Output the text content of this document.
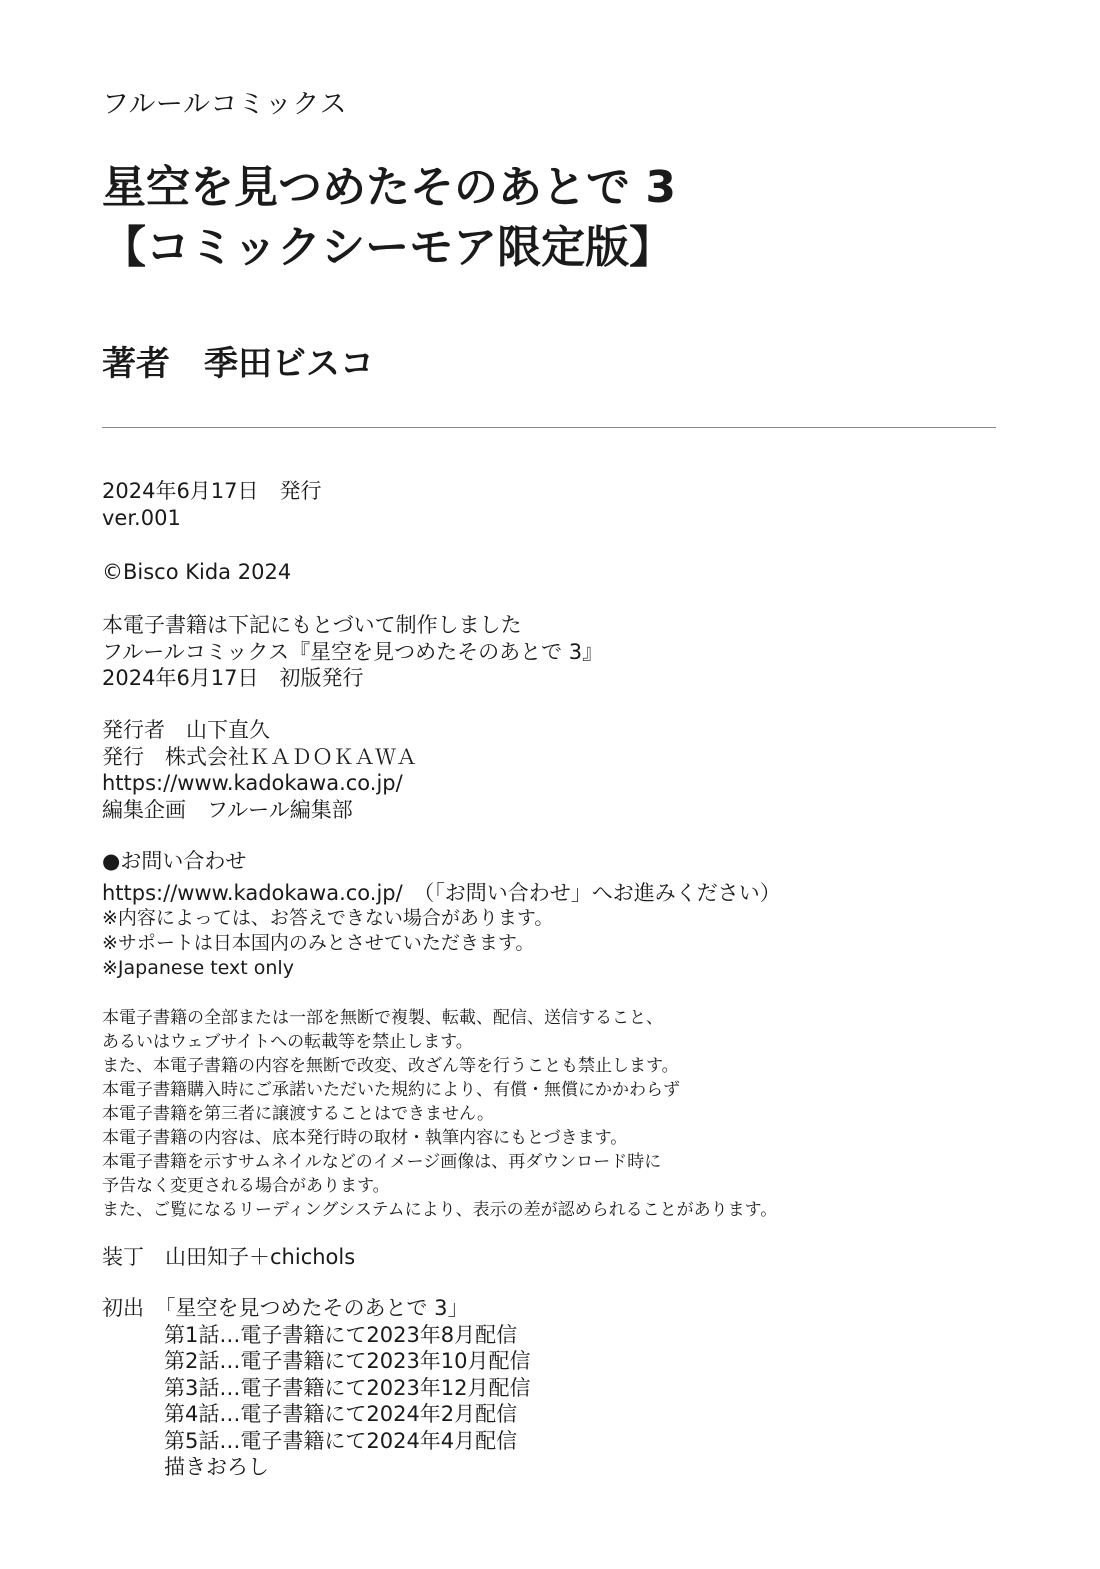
フルールコミックス
星空を見つめたそのあとで 3
【コミックシーモア限定版】
著者 季田ビスコ
2024年6月17日　発行
ver.001
©Bisco Kida 2024
本電子書籍は下記にもとづいて制作しました
フルールコミックス『星空を見つめたそのあとで 3』
2024年6月17日　初版発行
発行者　山下直久
発行　株式会社ＫＡＤＯＫＡＷＡ
https://www.kadokawa.co.jp/
編集企画　フルール編集部
●お問い合わせ
https://www.kadokawa.co.jp/　（「お問い合わせ」へお進みください）
※内容によっては、お答えできない場合があります。
※サポートは日本国内のみとさせていただきます。
※Japanese text only
本電子書籍の全部または一部を無断で複製、転載、配信、送信すること、
あるいはウェブサイトへの転載等を禁止します。
また、本電子書籍の内容を無断で改変、改ざん等を行うことも禁止します。
本電子書籍購入時にご承諾いただいた規約により、有償・無償にかかわらず
本電子書籍を第三者に譲渡することはできません。
本電子書籍の内容は、底本発行時の取材・執筆内容にもとづきます。
本電子書籍を示すサムネイルなどのイメージ画像は、再ダウンロード時に
予告なく変更される場合があります。
また、ご覧になるリーディングシステムにより、表示の差が認められることがあります。
装丁　山田知子＋chichols
初出　「星空を見つめたそのあとで 3」
第1話…電子書籍にて2023年8月配信
第2話…電子書籍にて2023年10月配信
第3話…電子書籍にて2023年12月配信
第4話…電子書籍にて2024年2月配信
第5話…電子書籍にて2024年4月配信
描きおろし
